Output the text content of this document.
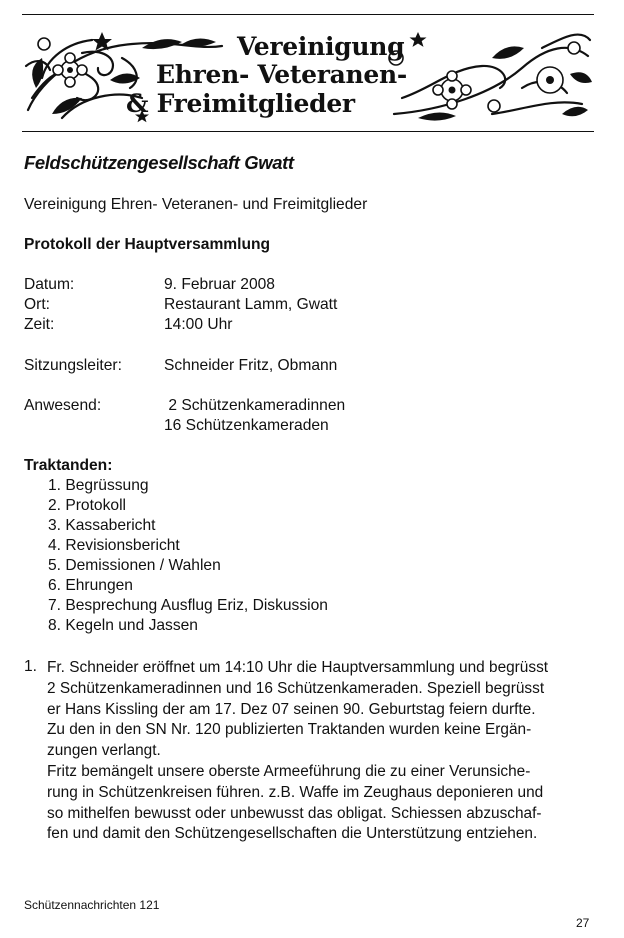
Vereinigung
Ehren- Veteranen-
& Freimitglieder
Feldschützengesellschaft Gwatt
Vereinigung Ehren- Veteranen- und Freimitglieder
Protokoll der Hauptversammlung
Datum:	9. Februar 2008
Ort:	Restaurant Lamm, Gwatt
Zeit:	14:00 Uhr
Sitzungsleiter:	Schneider Fritz, Obmann
Anwesend:	2 Schützenkameradinnen
16 Schützenkameraden
Traktanden:
1. Begrüssung
2. Protokoll
3. Kassabericht
4. Revisionsbericht
5. Demissionen / Wahlen
6. Ehrungen
7. Besprechung Ausflug Eriz, Diskussion
8. Kegeln und Jassen
1. Fr. Schneider eröffnet um 14:10 Uhr die Hauptversammlung und begrüsst
2 Schützenkameradinnen und 16 Schützenkameraden. Speziell begrüsst
er Hans Kissling der am 17. Dez 07 seinen 90. Geburtstag feiern durfte.
Zu den in den SN Nr. 120 publizierten Traktanden wurden keine Ergän-
zungen verlangt.
Fritz bemängelt unsere oberste Armeeführung die zu einer Verunsiche-
rung in Schützenkreisen führen. z.B. Waffe im Zeughaus deponieren und
so mithelfen bewusst oder unbewusst das obligat. Schiessen abzuschaf-
fen und damit den Schützengesellschaften die Unterstützung entziehen.
Schützennachrichten 121
27
